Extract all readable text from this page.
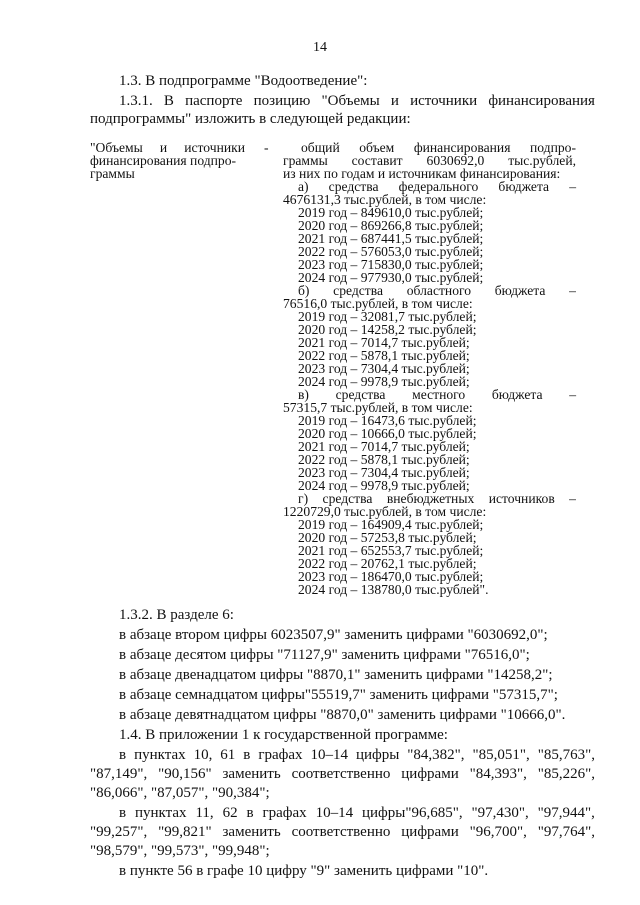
14
1.3. В подпрограмме "Водоотведение":
1.3.1. В паспорте позицию "Объемы и источники финансирования
подпрограммы" изложить в следующей редакции:
"Объемы и источники
финансирования подпро-
граммы
- общий объем финансирования подпро-
граммы составит 6030692,0 тыс.рублей,
из них по годам и источникам финансирования:
а) средства федерального бюджета –
4676131,3 тыс.рублей, в том числе:
2019 год – 849610,0 тыс.рублей;
2020 год – 869266,8 тыс.рублей;
2021 год – 687441,5 тыс.рублей;
2022 год – 576053,0 тыс.рублей;
2023 год – 715830,0 тыс.рублей;
2024 год – 977930,0 тыс.рублей;
б) средства областного бюджета –
76516,0 тыс.рублей, в том числе:
2019 год – 32081,7 тыс.рублей;
2020 год – 14258,2 тыс.рублей;
2021 год – 7014,7 тыс.рублей;
2022 год – 5878,1 тыс.рублей;
2023 год – 7304,4 тыс.рублей;
2024 год – 9978,9 тыс.рублей;
в) средства местного бюджета –
57315,7 тыс.рублей, в том числе:
2019 год – 16473,6 тыс.рублей;
2020 год – 10666,0 тыс.рублей;
2021 год – 7014,7 тыс.рублей;
2022 год – 5878,1 тыс.рублей;
2023 год – 7304,4 тыс.рублей;
2024 год – 9978,9 тыс.рублей;
г) средства внебюджетных источников –
1220729,0 тыс.рублей, в том числе:
2019 год – 164909,4 тыс.рублей;
2020 год – 57253,8 тыс.рублей;
2021 год – 652553,7 тыс.рублей;
2022 год – 20762,1 тыс.рублей;
2023 год – 186470,0 тыс.рублей;
2024 год – 138780,0 тыс.рублей".
1.3.2. В разделе 6:
в абзаце втором цифры 6023507,9" заменить цифрами "6030692,0";
в абзаце десятом цифры "71127,9" заменить цифрами "76516,0";
в абзаце двенадцатом цифры "8870,1" заменить цифрами "14258,2";
в абзаце семнадцатом цифры"55519,7" заменить цифрами "57315,7";
в абзаце девятнадцатом цифры "8870,0" заменить цифрами "10666,0".
1.4. В приложении 1 к государственной программе:
в пунктах 10, 61 в графах 10–14 цифры "84,382", "85,051", "85,763",
"87,149", "90,156" заменить соответственно цифрами "84,393", "85,226",
"86,066", "87,057", "90,384";
в пунктах 11, 62 в графах 10–14 цифры"96,685", "97,430", "97,944",
"99,257", "99,821" заменить соответственно цифрами "96,700", "97,764",
"98,579", "99,573", "99,948";
в пункте 56 в графе 10 цифру "9" заменить цифрами "10".
